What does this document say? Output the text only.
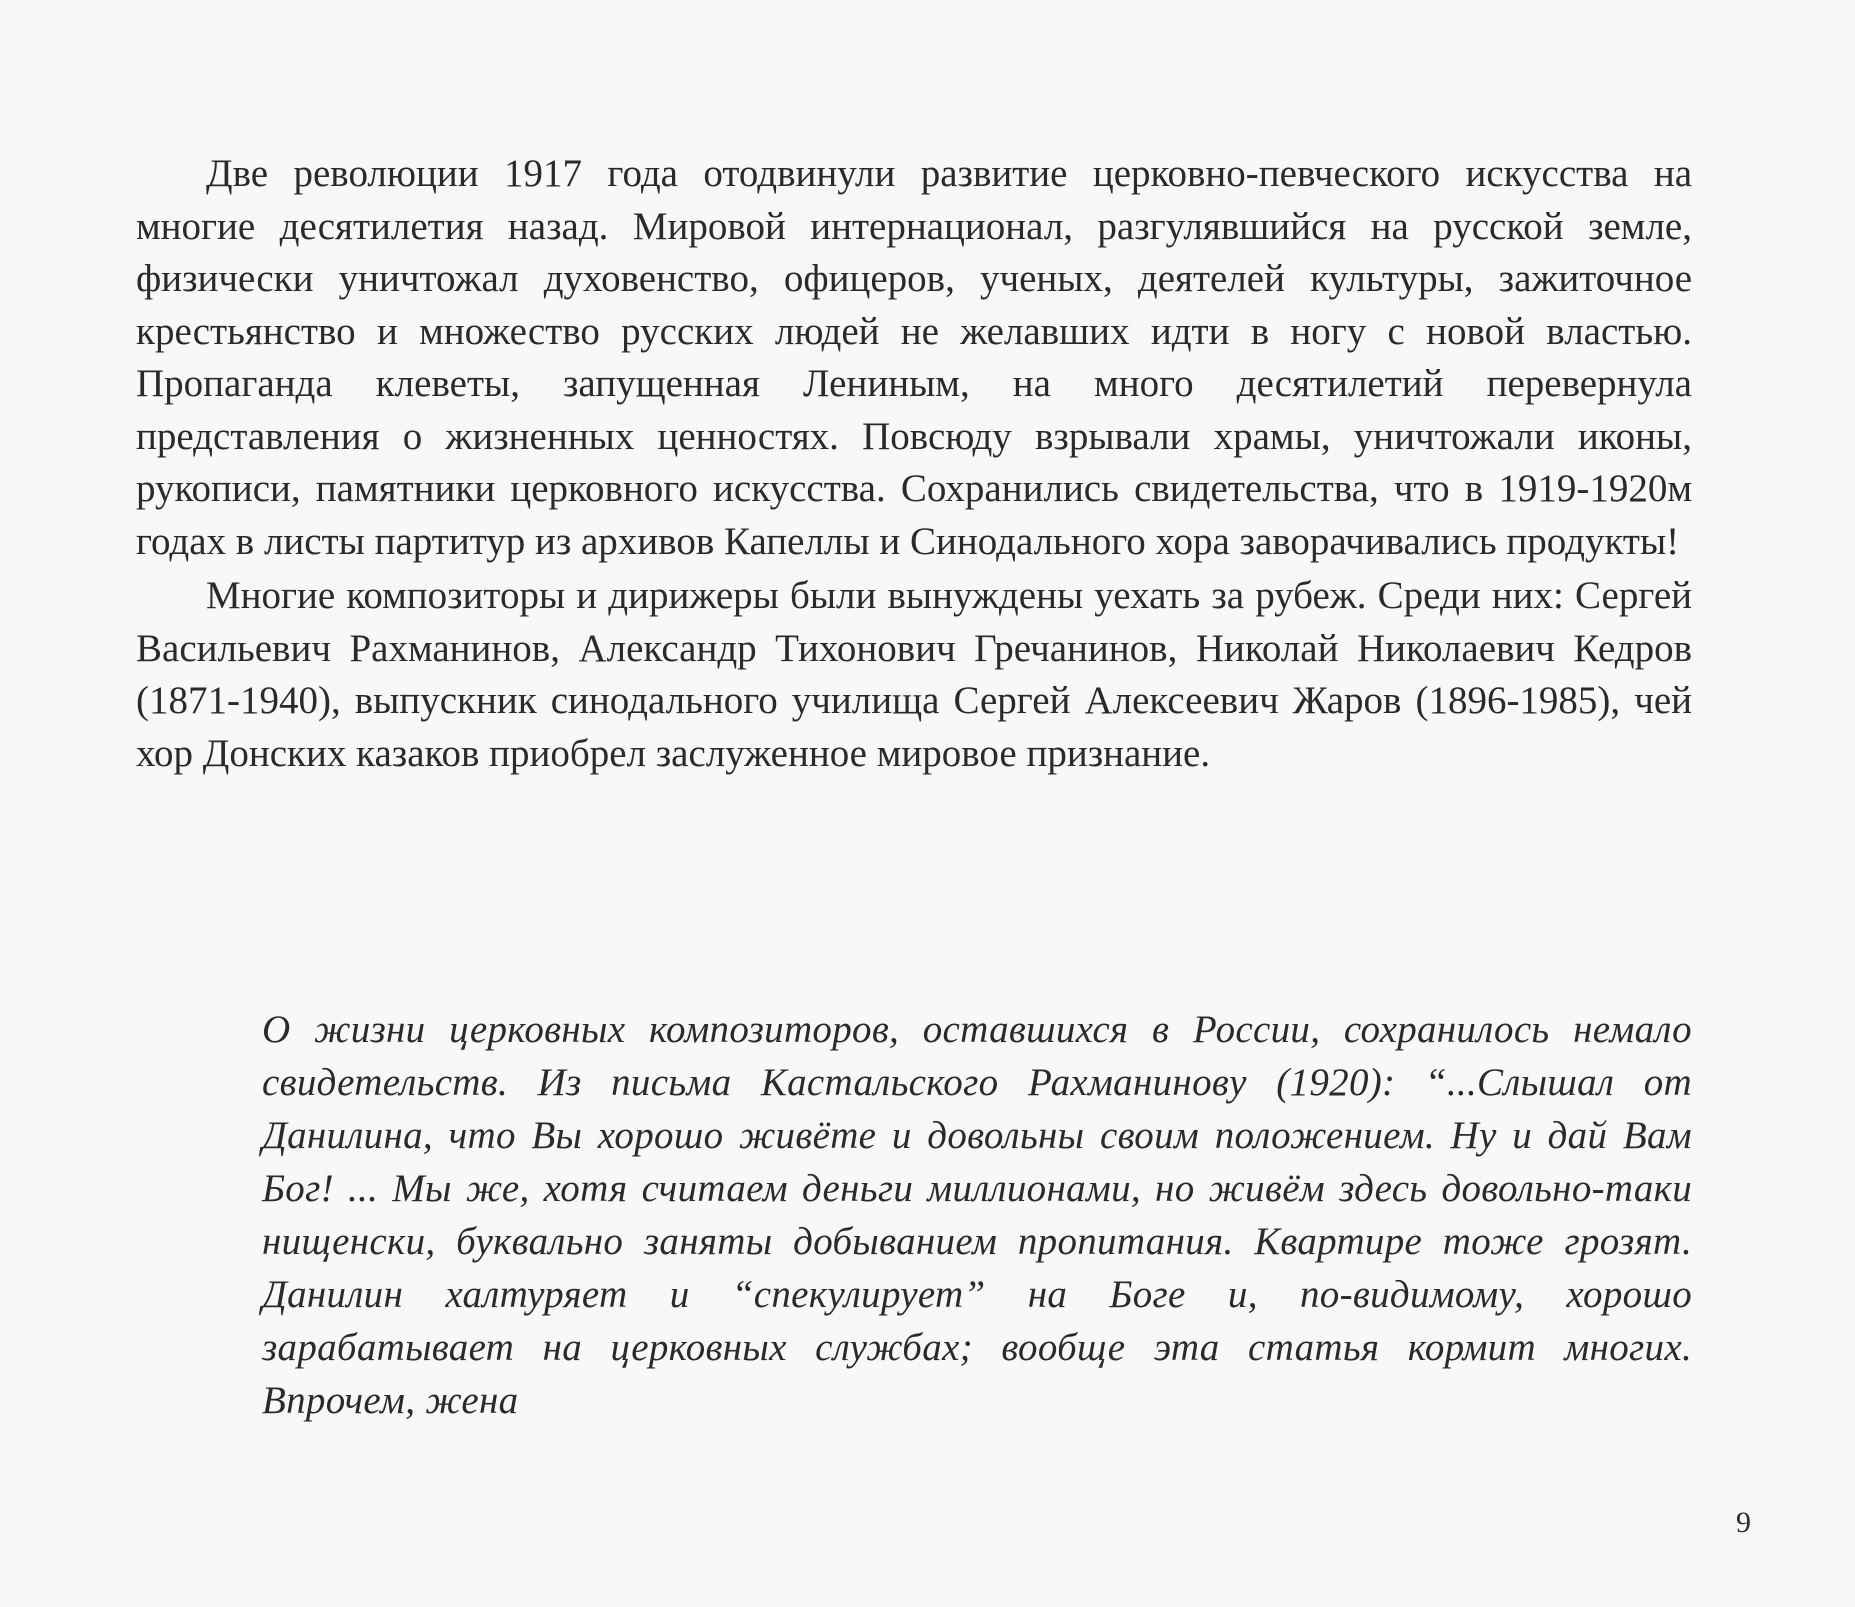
Две революции 1917 года отодвинули развитие церковно-певческого искусства на многие десятилетия назад. Мировой интернационал, разгулявшийся на русской земле, физически уничтожал духовенство, офицеров, ученых, деятелей культуры, зажиточное крестьянство и множество русских людей не желавших идти в ногу с новой властью. Пропаганда клеветы, запущенная Лениным, на много десятилетий перевернула представления о жизненных ценностях. Повсюду взрывали храмы, уничтожали иконы, рукописи, памятники церковного искусства. Сохранились свидетельства, что в 1919-1920м годах в листы партитур из архивов Капеллы и Синодального хора заворачивались продукты!

Многие композиторы и дирижеры были вынуждены уехать за рубеж. Среди них: Сергей Васильевич Рахманинов, Александр Тихонович Гречанинов, Николай Николаевич Кедров (1871-1940), выпускник синодального училища Сергей Алексеевич Жаров (1896-1985), чей хор Донских казаков приобрел заслуженное мировое признание.

О жизни церковных композиторов, оставшихся в России, сохранилось немало свидетельств. Из письма Кастальского Рахманинову (1920): “...Слышал от Данилина, что Вы хорошо живёте и довольны своим положением. Ну и дай Вам Бог! ... Мы же, хотя считаем деньги миллионами, но живём здесь довольно-таки нищенски, буквально заняты добыванием пропитания. Квартире тоже грозят. Данилин халтуряет и “спекулирует” на Боге и, по-видимому, хорошо зарабатывает на церковных службах; вообще эта статья кормит многих. Впрочем, жена

9
